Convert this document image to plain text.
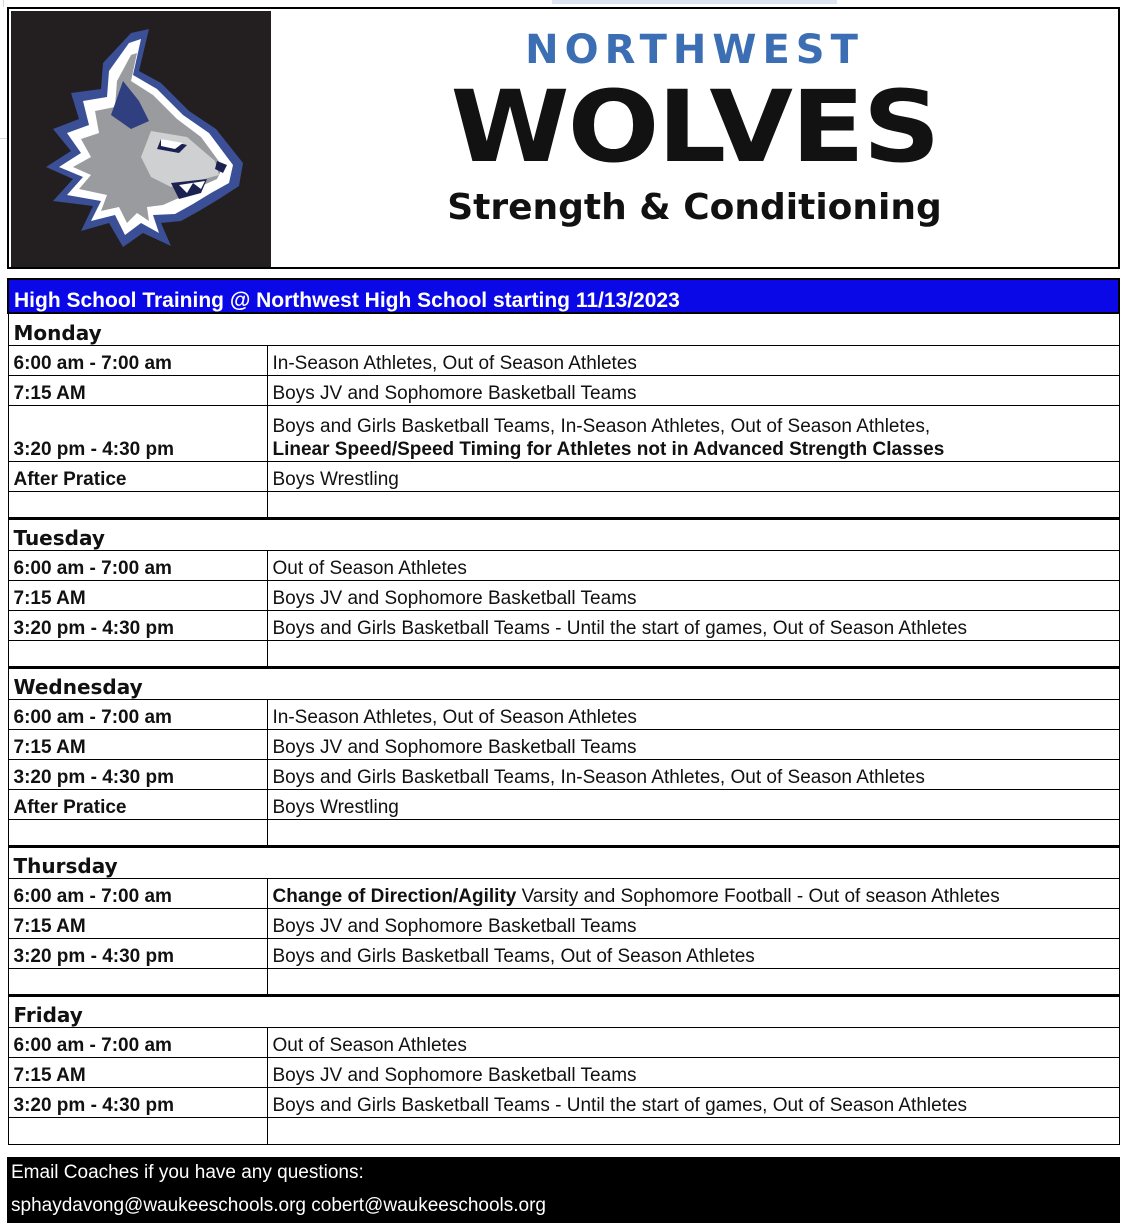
NORTHWEST
WOLVES
Strength & Conditioning
High School Training @ Northwest High School starting 11/13/2023	
Monday	
6:00 am - 7:00 am	In-Season Athletes, Out of Season Athletes
7:15 AM	Boys JV and Sophomore Basketball Teams
3:20 pm - 4:30 pm	Boys and Girls Basketball Teams, In-Season Athletes, Out of Season Athletes,
Linear Speed/Speed Timing for Athletes not in Advanced Strength Classes
After Pratice	Boys Wrestling

Tuesday	
6:00 am - 7:00 am	Out of Season Athletes
7:15 AM	Boys JV and Sophomore Basketball Teams
3:20 pm - 4:30 pm	Boys and Girls Basketball Teams - Until the start of games, Out of Season Athletes

Wednesday	
6:00 am - 7:00 am	In-Season Athletes, Out of Season Athletes
7:15 AM	Boys JV and Sophomore Basketball Teams
3:20 pm - 4:30 pm	Boys and Girls Basketball Teams, In-Season Athletes, Out of Season Athletes
After Pratice	Boys Wrestling

Thursday	
6:00 am - 7:00 am	Change of Direction/Agility Varsity and Sophomore Football - Out of season Athletes
7:15 AM	Boys JV and Sophomore Basketball Teams
3:20 pm - 4:30 pm	Boys and Girls Basketball Teams, Out of Season Athletes

Friday	
6:00 am - 7:00 am	Out of Season Athletes
7:15 AM	Boys JV and Sophomore Basketball Teams
3:20 pm - 4:30 pm	Boys and Girls Basketball Teams - Until the start of games, Out of Season Athletes

Email Coaches if you have any questions:
sphaydavong@waukeeschools.org cobert@waukeeschools.org
